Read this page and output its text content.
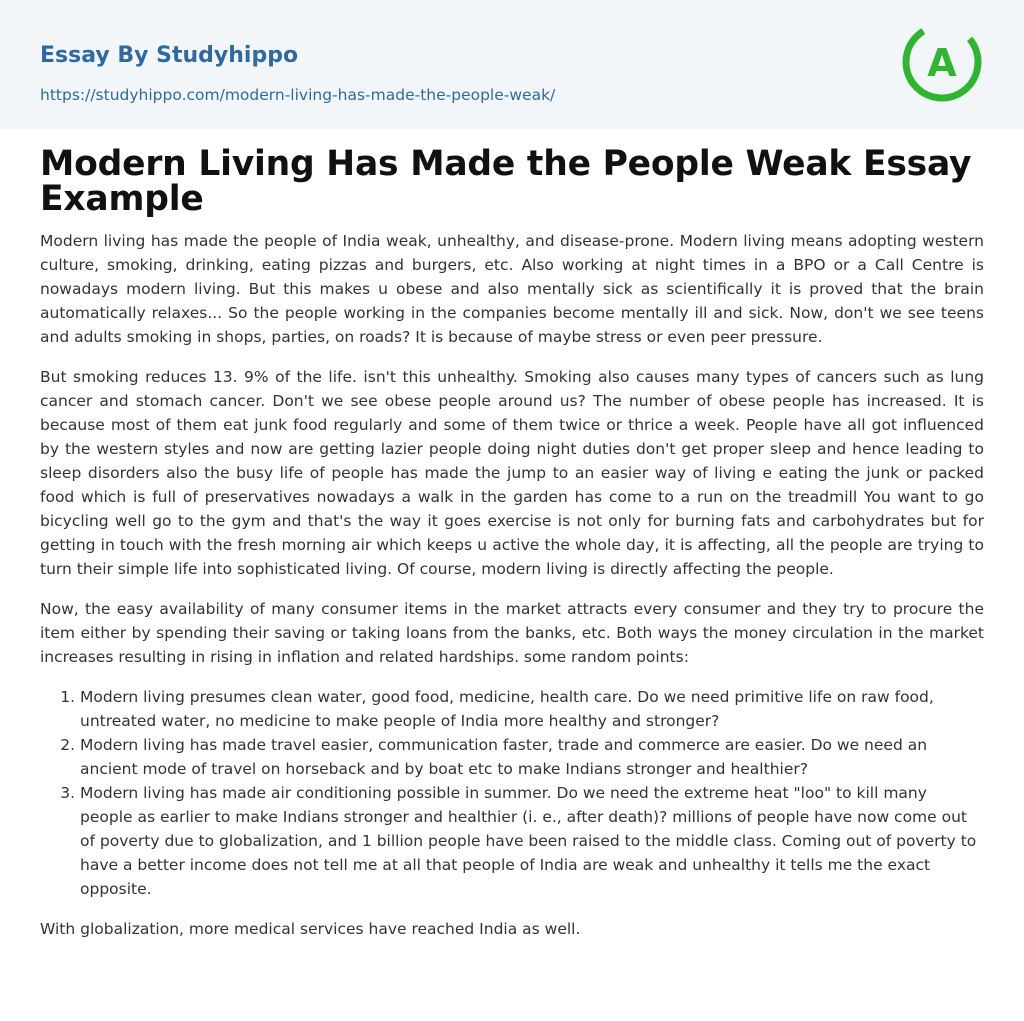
Essay By Studyhippo
https://studyhippo.com/modern-living-has-made-the-people-weak/
A
Modern Living Has Made the People Weak Essay Example

Modern living has made the people of India weak, unhealthy, and disease-prone. Modern living means adopting western culture, smoking, drinking, eating pizzas and burgers, etc. Also working at night times in a BPO or a Call Centre is nowadays modern living. But this makes u obese and also mentally sick as scientifically it is proved that the brain automatically relaxes... So the people working in the companies become mentally ill and sick. Now, don't we see teens and adults smoking in shops, parties, on roads? It is because of maybe stress or even peer pressure.

But smoking reduces 13. 9% of the life. isn't this unhealthy. Smoking also causes many types of cancers such as lung cancer and stomach cancer. Don't we see obese people around us? The number of obese people has increased. It is because most of them eat junk food regularly and some of them twice or thrice a week. People have all got influenced by the western styles and now are getting lazier people doing night duties don't get proper sleep and hence leading to sleep disorders also the busy life of people has made the jump to an easier way of living e eating the junk or packed food which is full of preservatives nowadays a walk in the garden has come to a run on the treadmill You want to go bicycling well go to the gym and that's the way it goes exercise is not only for burning fats and carbohydrates but for getting in touch with the fresh morning air which keeps u active the whole day, it is affecting, all the people are trying to turn their simple life into sophisticated living. Of course, modern living is directly affecting the people.

Now, the easy availability of many consumer items in the market attracts every consumer and they try to procure the item either by spending their saving or taking loans from the banks, etc. Both ways the money circulation in the market increases resulting in rising in inflation and related hardships. some random points:

1. Modern living presumes clean water, good food, medicine, health care. Do we need primitive life on raw food, untreated water, no medicine to make people of India more healthy and stronger?
2. Modern living has made travel easier, communication faster, trade and commerce are easier. Do we need an ancient mode of travel on horseback and by boat etc to make Indians stronger and healthier?
3. Modern living has made air conditioning possible in summer. Do we need the extreme heat "loo" to kill many people as earlier to make Indians stronger and healthier (i. e., after death)? millions of people have now come out of poverty due to globalization, and 1 billion people have been raised to the middle class. Coming out of poverty to have a better income does not tell me at all that people of India are weak and unhealthy it tells me the exact opposite.

With globalization, more medical services have reached India as well.
